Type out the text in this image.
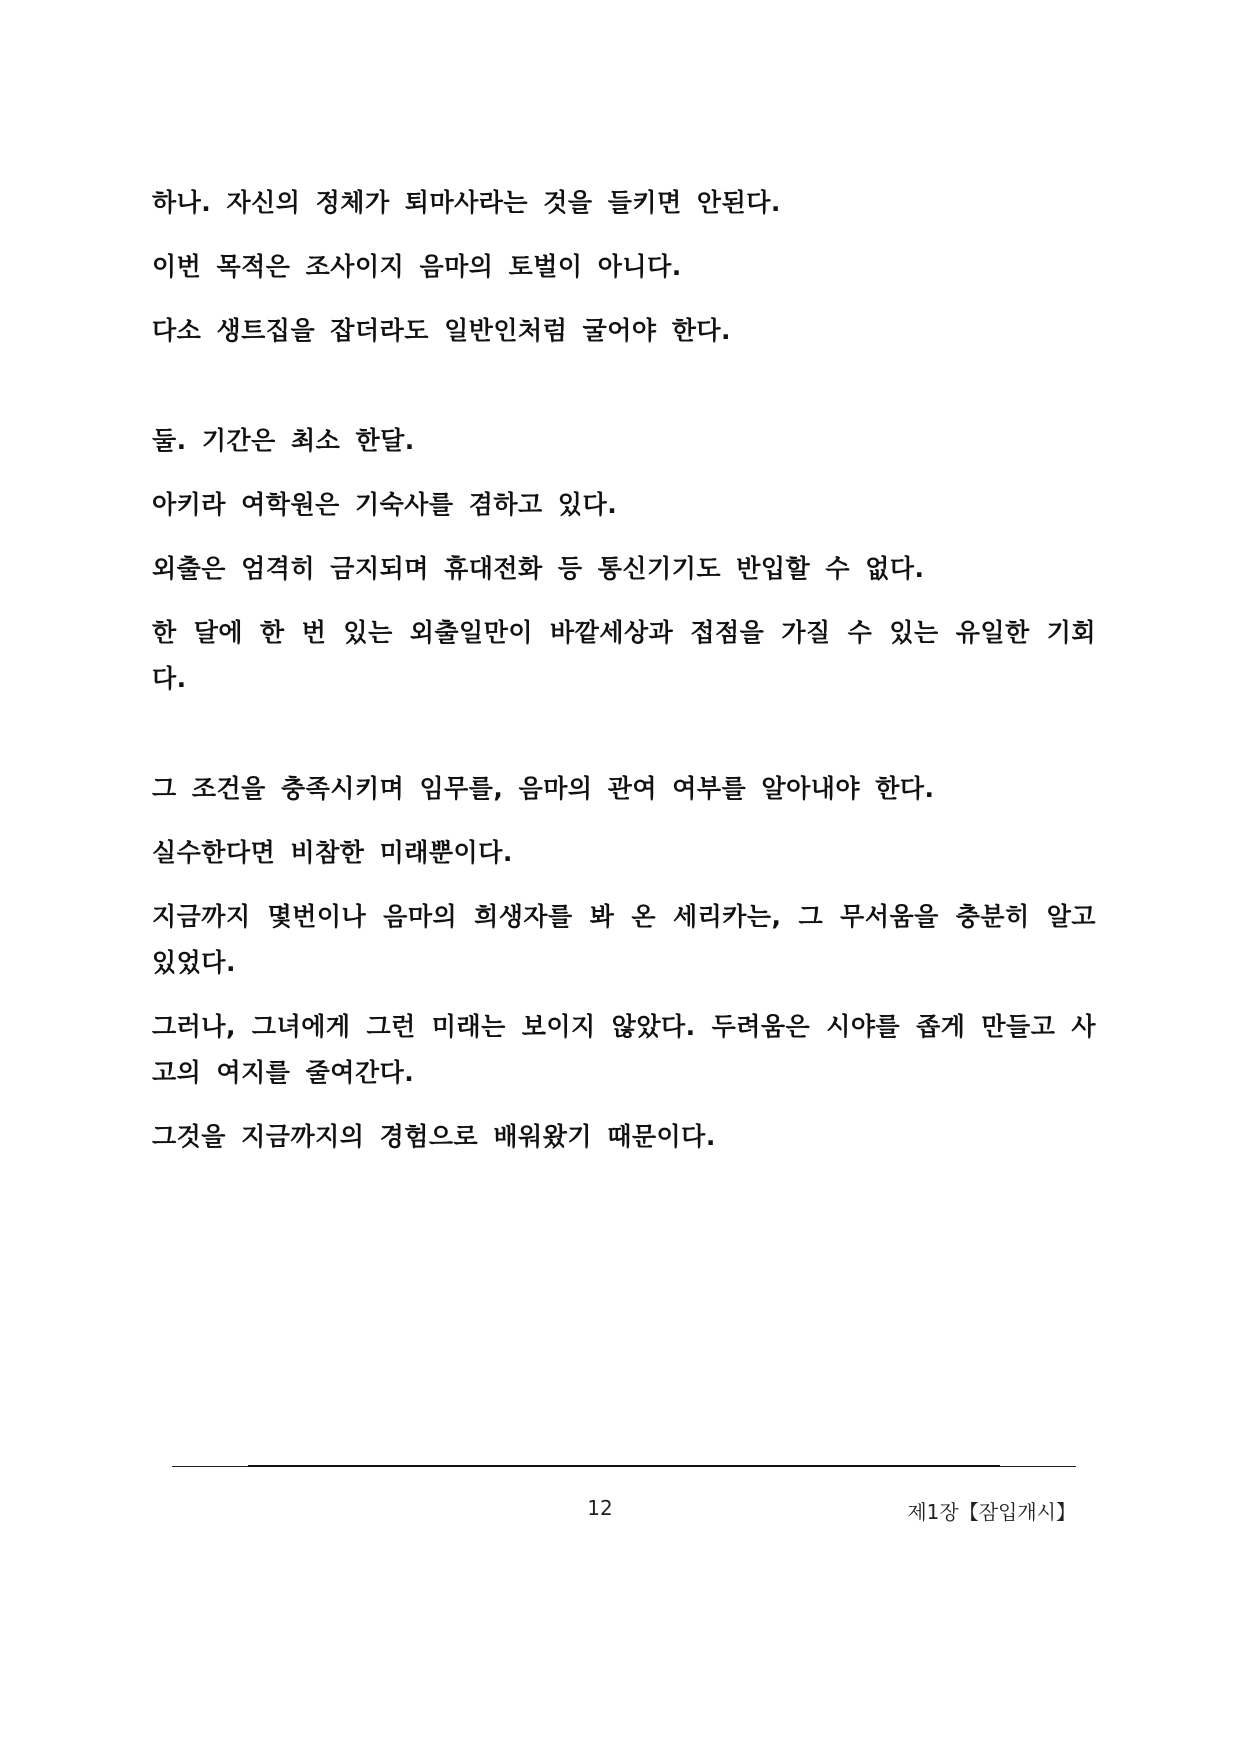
하나. 자신의 정체가 퇴마사라는 것을 들키면 안된다.
이번 목적은 조사이지 음마의 토벌이 아니다.
다소 생트집을 잡더라도 일반인처럼 굴어야 한다.
둘. 기간은 최소 한달.
아키라 여학원은 기숙사를 겸하고 있다.
외출은 엄격히 금지되며 휴대전화 등 통신기기도 반입할 수 없다.
한 달에 한 번 있는 외출일만이 바깥세상과 접점을 가질 수 있는 유일한 기회다.
그 조건을 충족시키며 임무를, 음마의 관여 여부를 알아내야 한다.
실수한다면 비참한 미래뿐이다.
지금까지 몇번이나 음마의 희생자를 봐 온 세리카는, 그 무서움을 충분히 알고 있었다.
그러나, 그녀에게 그런 미래는 보이지 않았다. 두려움은 시야를 좁게 만들고 사고의 여지를 줄여간다.
그것을 지금까지의 경험으로 배워왔기 때문이다.
12	제1장【잠입개시】
